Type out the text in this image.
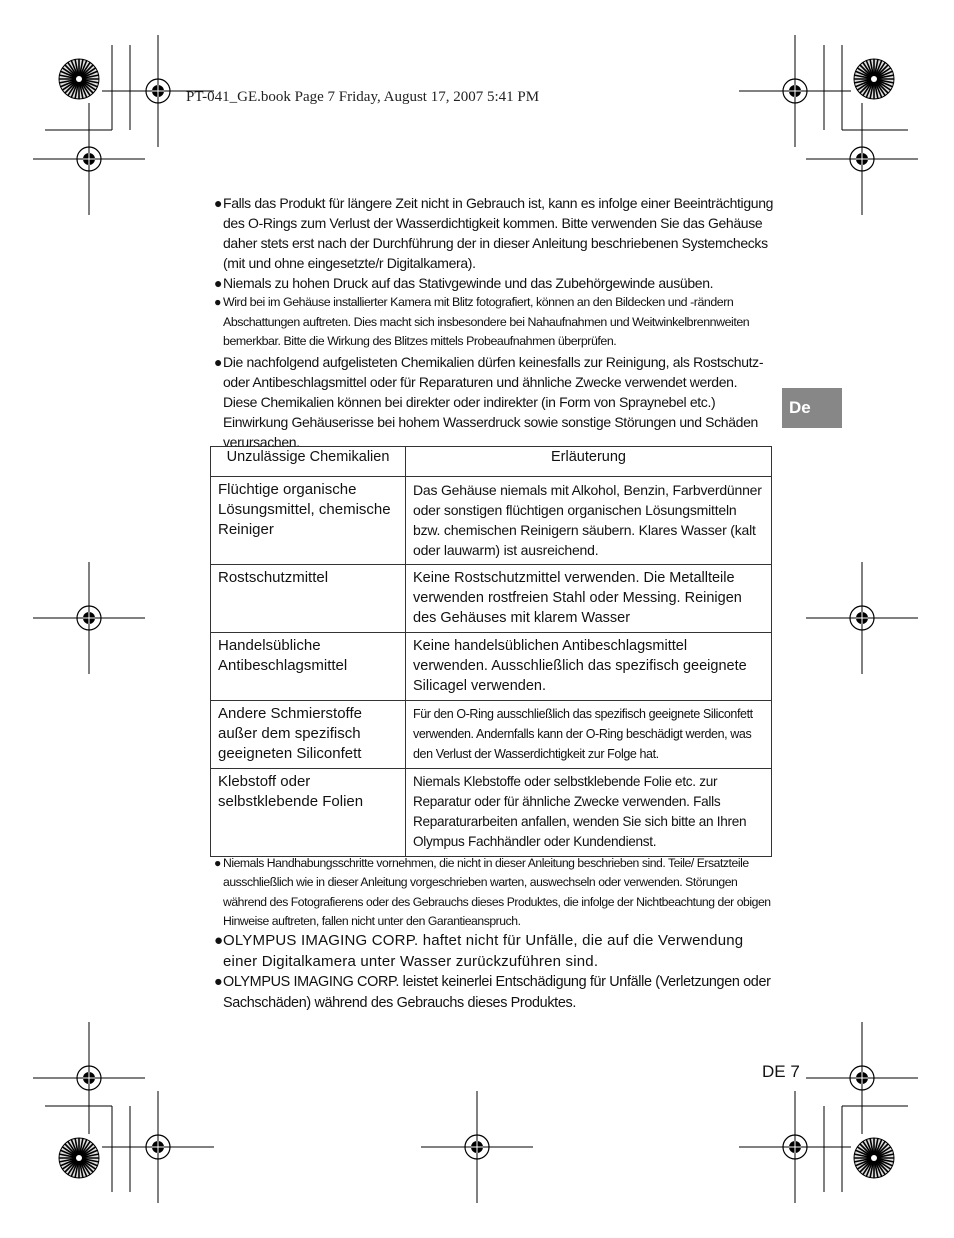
PT-041_GE.book Page 7 Friday, August 17, 2007 5:41 PM
De
● Falls das Produkt für längere Zeit nicht in Gebrauch ist, kann es infolge einer Beeinträchtigung des O-Rings zum Verlust der Wasserdichtigkeit kommen. Bitte verwenden Sie das Gehäuse daher stets erst nach der Durchführung der in dieser Anleitung beschriebenen Systemchecks (mit und ohne eingesetzte/r Digitalkamera).
● Niemals zu hohen Druck auf das Stativgewinde und das Zubehörgewinde ausüben.
● Wird bei im Gehäuse installierter Kamera mit Blitz fotografiert, können an den Bildecken und -rändern Abschattungen auftreten. Dies macht sich insbesondere bei Nahaufnahmen und Weitwinkelbrennweiten bemerkbar. Bitte die Wirkung des Blitzes mittels Probeaufnahmen überprüfen.
● Die nachfolgend aufgelisteten Chemikalien dürfen keinesfalls zur Reinigung, als Rostschutz- oder Antibeschlagsmittel oder für Reparaturen und ähnliche Zwecke verwendet werden. Diese Chemikalien können bei direkter oder indirekter (in Form von Spraynebel etc.) Einwirkung Gehäuserisse bei hohem Wasserdruck sowie sonstige Störungen und Schäden verursachen.
Unzulässige Chemikalien	Erläuterung
Flüchtige organische Lösungsmittel, chemische Reiniger	Das Gehäuse niemals mit Alkohol, Benzin, Farbverdünner oder sonstigen flüchtigen organischen Lösungsmitteln bzw. chemischen Reinigern säubern. Klares Wasser (kalt oder lauwarm) ist ausreichend.
Rostschutzmittel	Keine Rostschutzmittel verwenden. Die Metallteile verwenden rostfreien Stahl oder Messing. Reinigen des Gehäuses mit klarem Wasser
Handelsübliche Antibeschlagsmittel	Keine handelsüblichen Antibeschlagsmittel verwenden. Ausschließlich das spezifisch geeignete Silicagel verwenden.
Andere Schmierstoffe außer dem spezifisch geeigneten Siliconfett	Für den O-Ring ausschließlich das spezifisch geeignete Siliconfett verwenden. Andernfalls kann der O-Ring beschädigt werden, was den Verlust der Wasserdichtigkeit zur Folge hat.
Klebstoff oder selbstklebende Folien	Niemals Klebstoffe oder selbstklebende Folie etc. zur Reparatur oder für ähnliche Zwecke verwenden. Falls Reparaturarbeiten anfallen, wenden Sie sich bitte an Ihren Olympus Fachhändler oder Kundendienst.
● Niemals Handhabungsschritte vornehmen, die nicht in dieser Anleitung beschrieben sind. Teile/ Ersatzteile ausschließlich wie in dieser Anleitung vorgeschrieben warten, auswechseln oder verwenden. Störungen während des Fotografierens oder des Gebrauchs dieses Produktes, die infolge der Nichtbeachtung der obigen Hinweise auftreten, fallen nicht unter den Garantieanspruch.
● OLYMPUS IMAGING CORP. haftet nicht für Unfälle, die auf die Verwendung einer Digitalkamera unter Wasser zurückzuführen sind.
● OLYMPUS IMAGING CORP. leistet keinerlei Entschädigung für Unfälle (Verletzungen oder Sachschäden) während des Gebrauchs dieses Produktes.
DE 7
